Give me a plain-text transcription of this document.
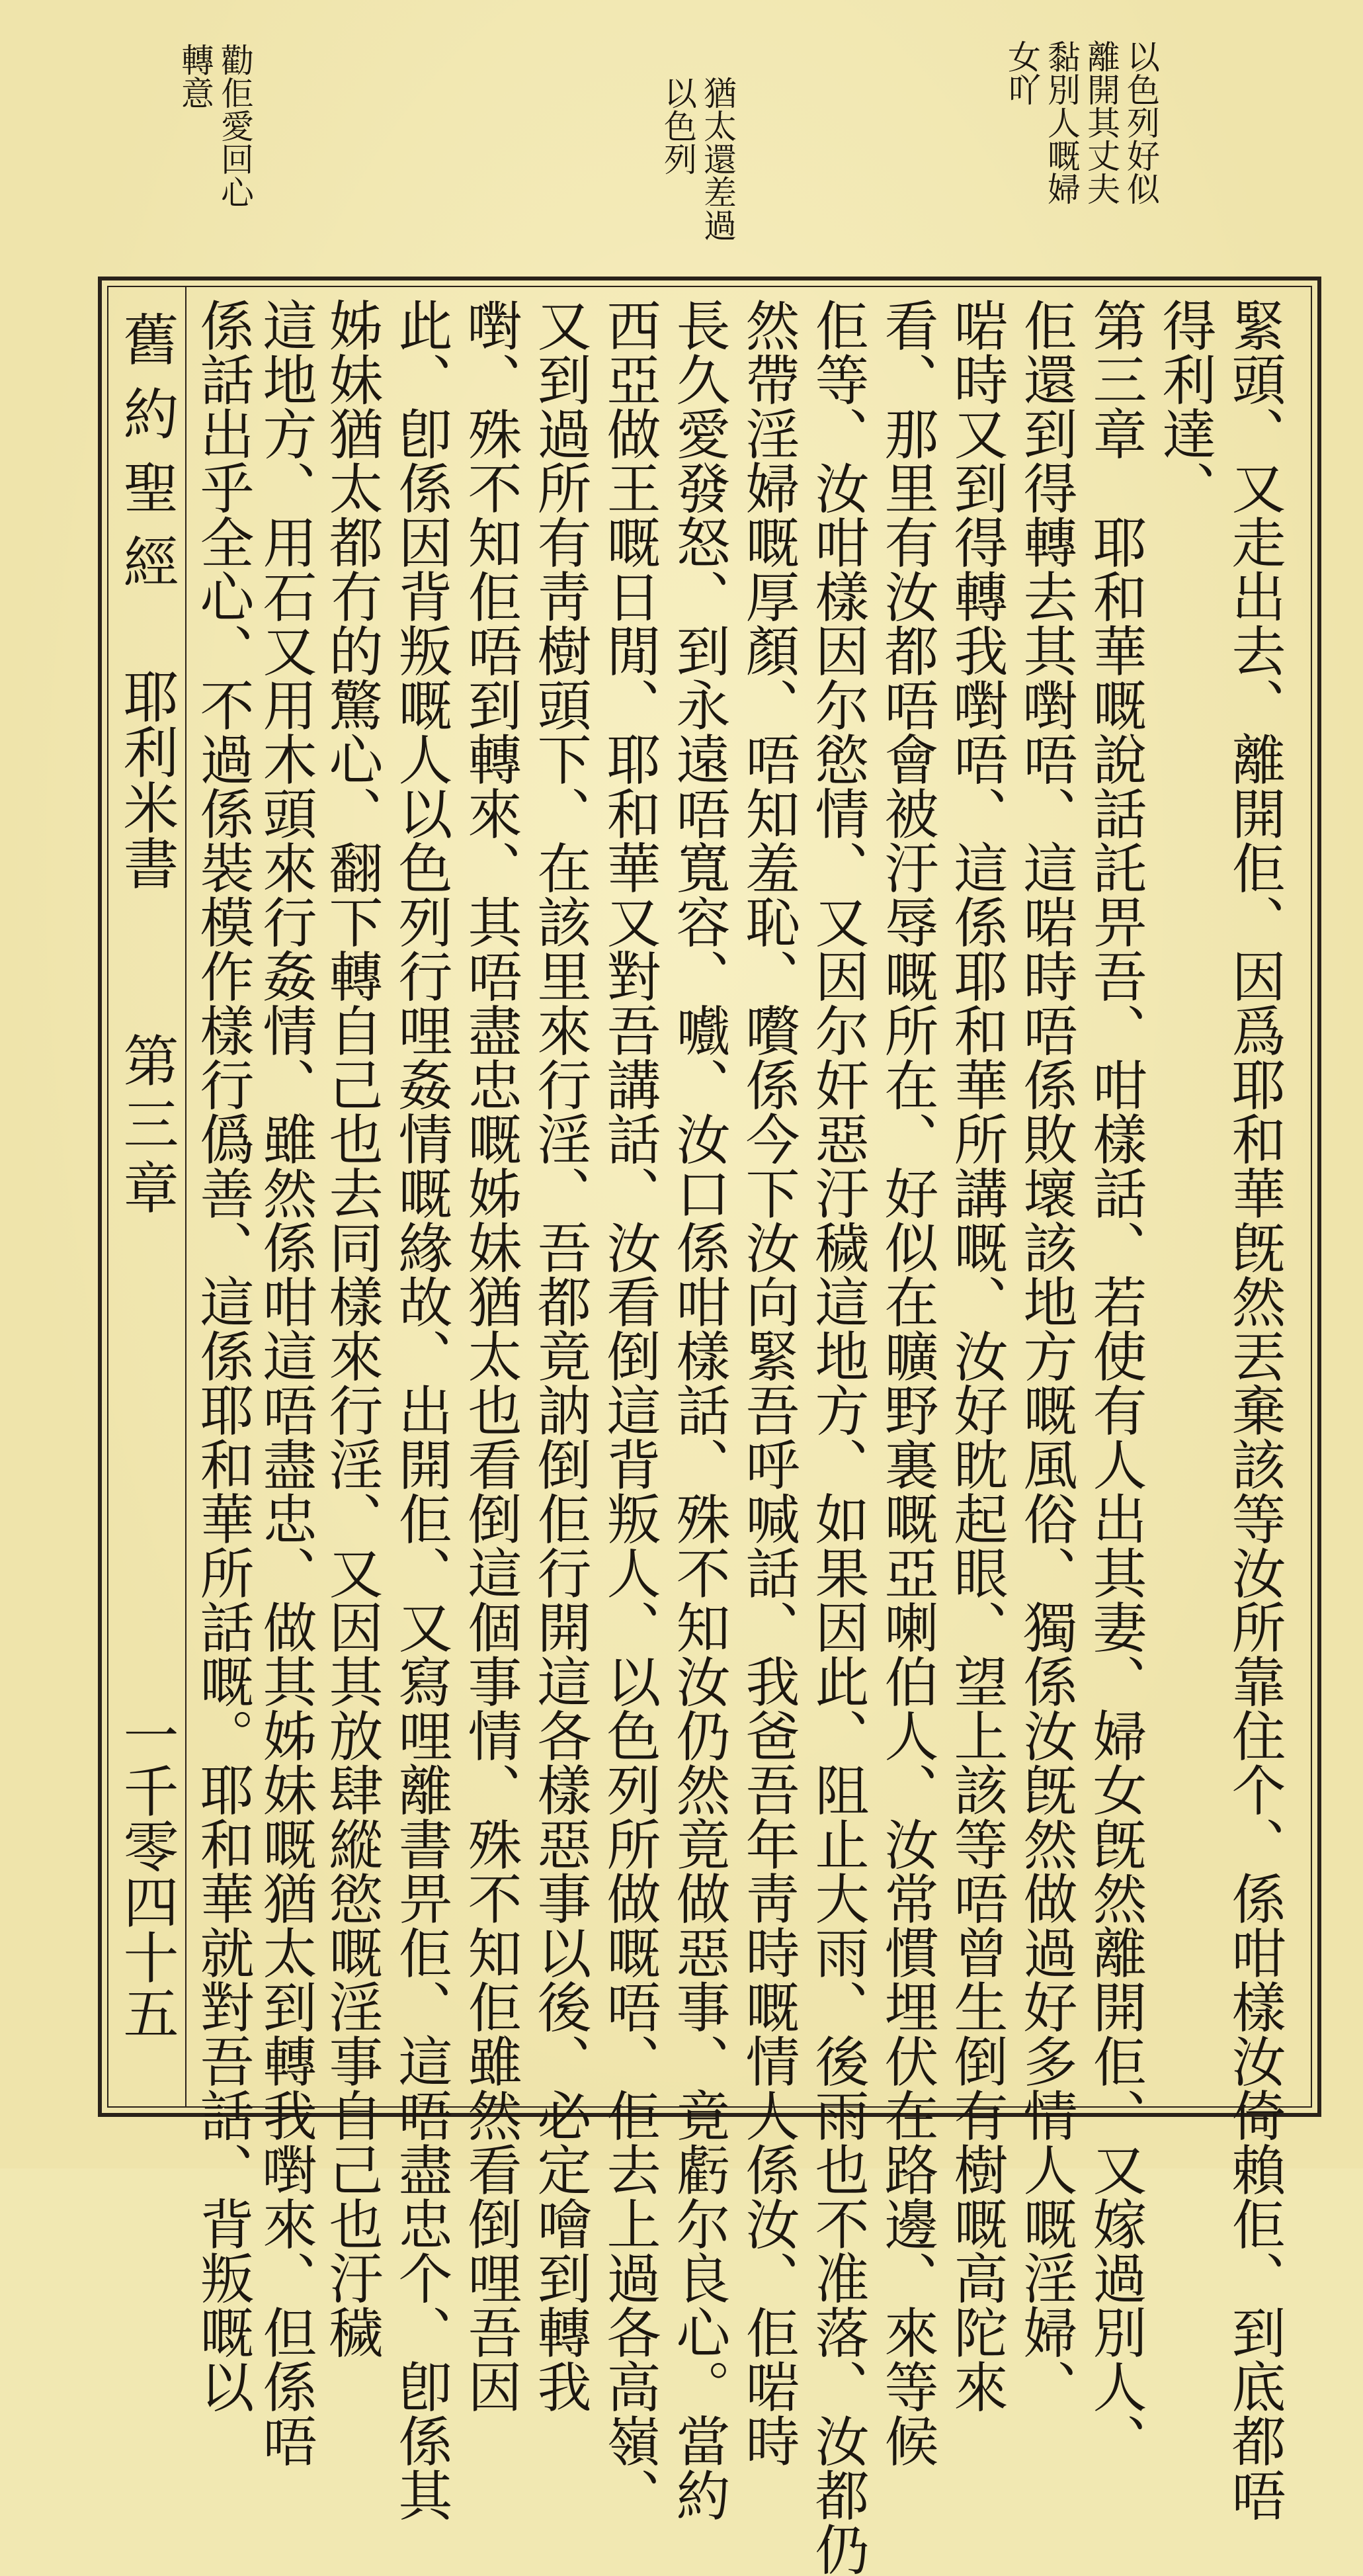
以色列好似
離開其丈夫
黏別人嘅婦
女吖
猶太還差過
以色列
勸佢愛回心
轉意
緊頭、又走出去、離開佢、因爲耶和華旣然丟棄該等汝所靠住个、係咁樣汝倚賴佢、到底都唔
得利達、
第三章　耶和華嘅說話託畀吾、咁樣話、若使有人出其妻、婦女旣然離開佢、又嫁過別人、
佢還到得轉去其嚉唔、這啱時唔係敗壞該地方嘅風俗、獨係汝旣然做過好多情人嘅淫婦、
啱時又到得轉我嚉唔、這係耶和華所講嘅、汝好眈起眼、望上該等唔曾生倒有樹嘅高陀來
看、那里有汝都唔會被汙辱嘅所在、好似在曠野裏嘅亞喇伯人、汝常慣埋伏在路邊、來等候
佢等、汝咁樣因尔慾情、又因尔奸惡汙穢這地方、如果因此、阻止大雨、後雨也不准落、汝都仍
然帶淫婦嘅厚顏、唔知羞恥、嚽係今下汝向緊吾呼喊話、我爸吾年靑時嘅情人係汝、佢啱時
長久愛發怒、到永遠唔寬容、嚱、汝口係咁樣話、殊不知汝仍然竟做惡事、竟虧尔良心。當約
西亞做王嘅日閒、耶和華又對吾講話、汝看倒這背叛人、以色列所做嘅唔、佢去上過各高嶺、
又到過所有靑樹頭下、在該里來行淫、吾都竟訥倒佢行開這各樣惡事以後、必定噲到轉我
嚉、殊不知佢唔到轉來、其唔盡忠嘅姊妹猶太也看倒這個事情、殊不知佢雖然看倒哩吾因
此、卽係因背叛嘅人以色列行哩姦情嘅緣故、出開佢、又寫哩離書畀佢、這唔盡忠个、卽係其
姊妹猶太都冇的驚心、翻下轉自己也去同樣來行淫、又因其放肆縱慾嘅淫事自己也汙穢
這地方、用石又用木頭來行姦情、雖然係咁這唔盡忠、做其姊妹嘅猶太到轉我嚉來、但係唔
係話出乎全心、不過係裝模作樣行僞善、這係耶和華所話嘅。耶和華就對吾話、背叛嘅以
舊約聖經
耶利米書
第三章
一千零四十五
